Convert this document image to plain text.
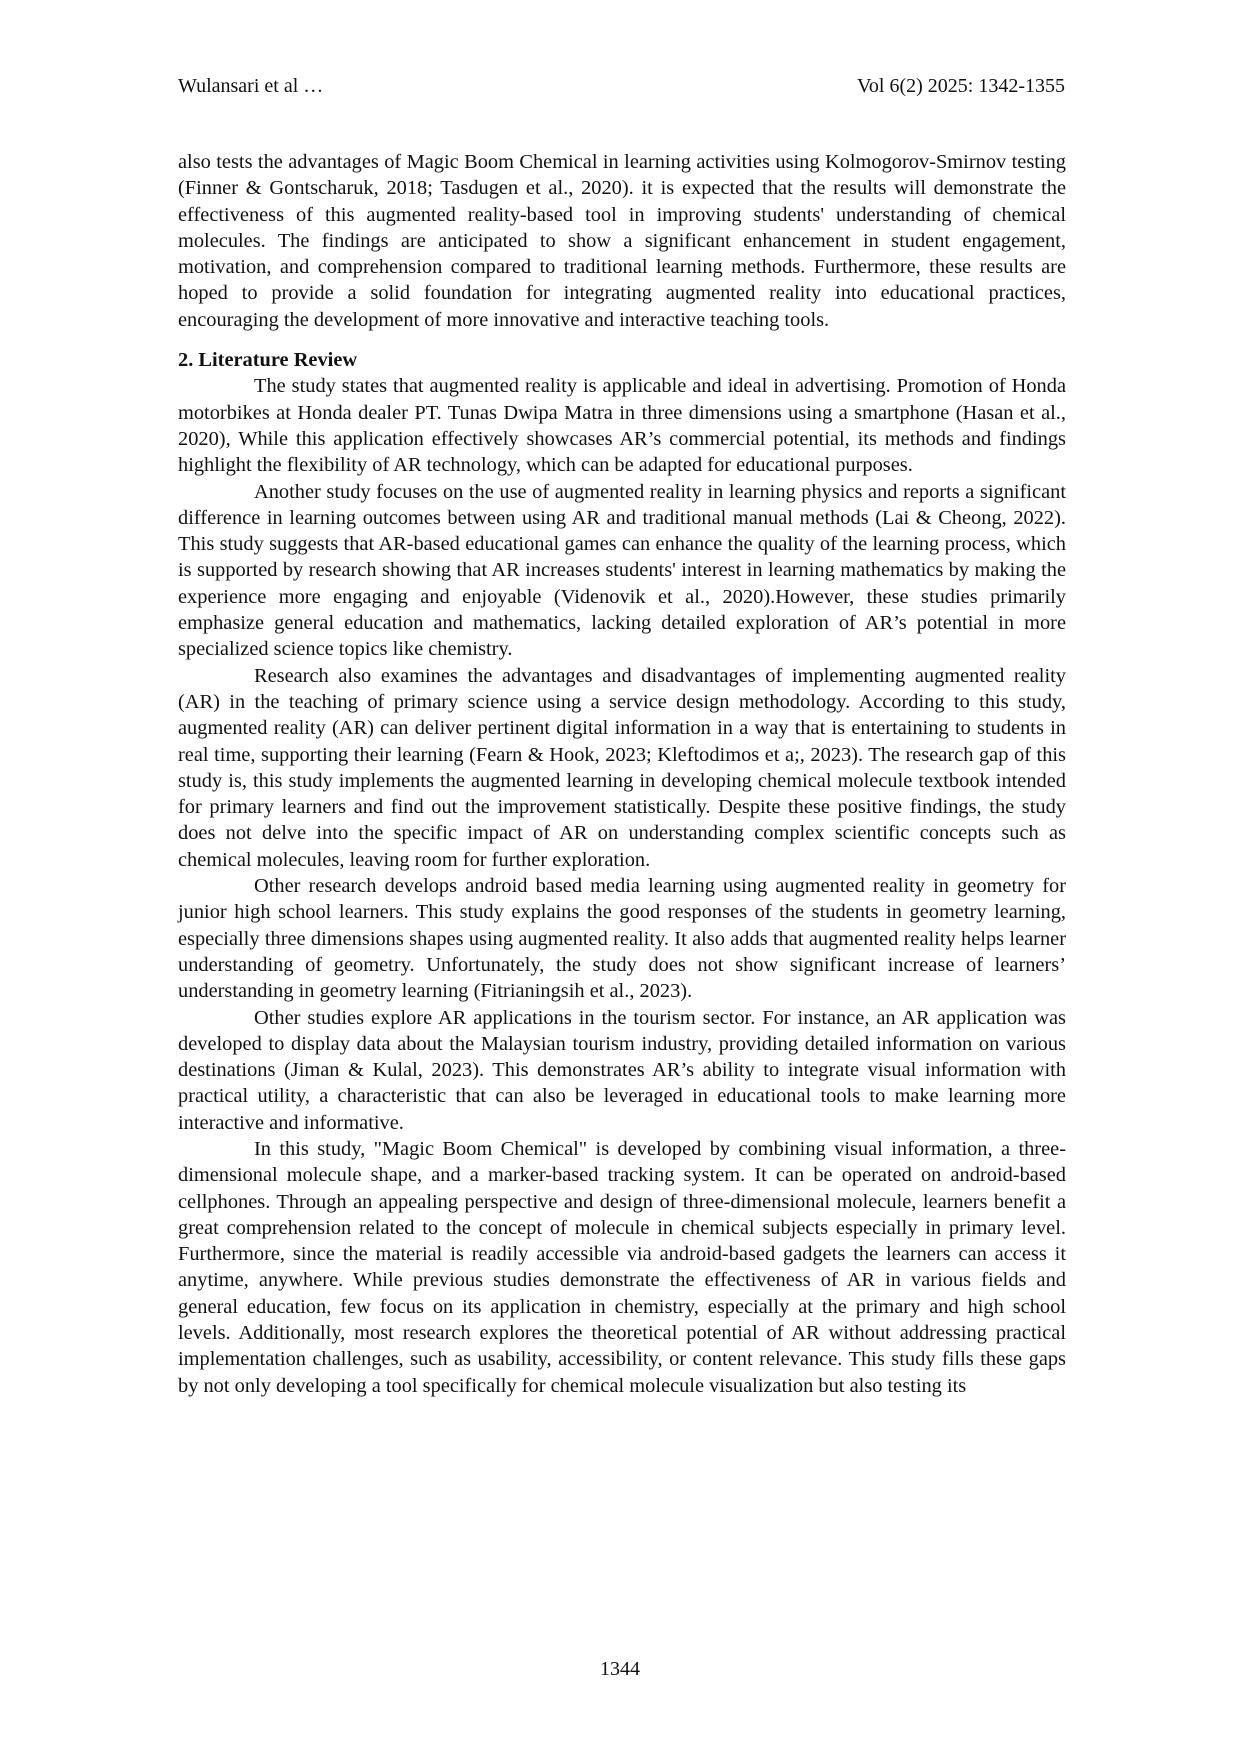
Wulansari et al …	Vol 6(2) 2025: 1342-1355

also tests the advantages of Magic Boom Chemical in learning activities using Kolmogorov-Smirnov testing (Finner & Gontscharuk, 2018; Tasdugen et al., 2020). it is expected that the results will demonstrate the effectiveness of this augmented reality-based tool in improving students' understanding of chemical molecules. The findings are anticipated to show a significant enhancement in student engagement, motivation, and comprehension compared to traditional learning methods. Furthermore, these results are hoped to provide a solid foundation for integrating augmented reality into educational practices, encouraging the development of more innovative and interactive teaching tools.

2. Literature Review

The study states that augmented reality is applicable and ideal in advertising. Promotion of Honda motorbikes at Honda dealer PT. Tunas Dwipa Matra in three dimensions using a smartphone (Hasan et al., 2020), While this application effectively showcases AR’s commercial potential, its methods and findings highlight the flexibility of AR technology, which can be adapted for educational purposes.

Another study focuses on the use of augmented reality in learning physics and reports a significant difference in learning outcomes between using AR and traditional manual methods (Lai & Cheong, 2022). This study suggests that AR-based educational games can enhance the quality of the learning process, which is supported by research showing that AR increases students' interest in learning mathematics by making the experience more engaging and enjoyable (Videnovik et al., 2020).However, these studies primarily emphasize general education and mathematics, lacking detailed exploration of AR’s potential in more specialized science topics like chemistry.

Research also examines the advantages and disadvantages of implementing augmented reality (AR) in the teaching of primary science using a service design methodology. According to this study, augmented reality (AR) can deliver pertinent digital information in a way that is entertaining to students in real time, supporting their learning (Fearn & Hook, 2023; Kleftodimos et a;, 2023). The research gap of this study is, this study implements the augmented learning in developing chemical molecule textbook intended for primary learners and find out the improvement statistically. Despite these positive findings, the study does not delve into the specific impact of AR on understanding complex scientific concepts such as chemical molecules, leaving room for further exploration.

Other research develops android based media learning using augmented reality in geometry for junior high school learners. This study explains the good responses of the students in geometry learning, especially three dimensions shapes using augmented reality. It also adds that augmented reality helps learner understanding of geometry. Unfortunately, the study does not show significant increase of learners’ understanding in geometry learning (Fitrianingsih et al., 2023).

Other studies explore AR applications in the tourism sector. For instance, an AR application was developed to display data about the Malaysian tourism industry, providing detailed information on various destinations (Jiman & Kulal, 2023). This demonstrates AR’s ability to integrate visual information with practical utility, a characteristic that can also be leveraged in educational tools to make learning more interactive and informative.

In this study, "Magic Boom Chemical" is developed by combining visual information, a three-dimensional molecule shape, and a marker-based tracking system. It can be operated on android-based cellphones. Through an appealing perspective and design of three-dimensional molecule, learners benefit a great comprehension related to the concept of molecule in chemical subjects especially in primary level. Furthermore, since the material is readily accessible via android-based gadgets the learners can access it anytime, anywhere. While previous studies demonstrate the effectiveness of AR in various fields and general education, few focus on its application in chemistry, especially at the primary and high school levels. Additionally, most research explores the theoretical potential of AR without addressing practical implementation challenges, such as usability, accessibility, or content relevance. This study fills these gaps by not only developing a tool specifically for chemical molecule visualization but also testing its

1344
